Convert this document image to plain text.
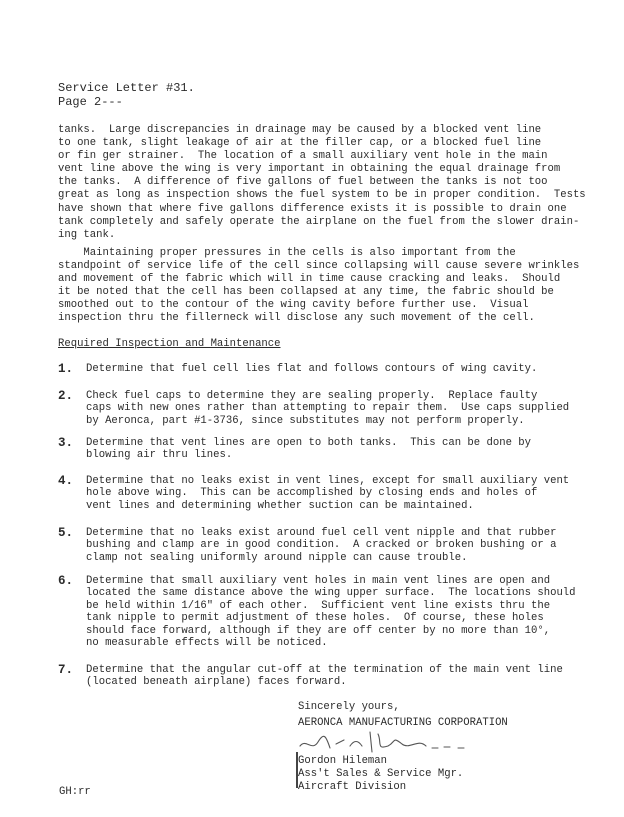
Service Letter #31.
Page 2---

tanks.  Large discrepancies in drainage may be caused by a blocked vent line
to one tank, slight leakage of air at the filler cap, or a blocked fuel line
or fin ger strainer.  The location of a small auxiliary vent hole in the main
vent line above the wing is very important in obtaining the equal drainage from
the tanks.  A difference of five gallons of fuel between the tanks is not too
great as long as inspection shows the fuel system to be in proper condition.  Tests
have shown that where five gallons difference exists it is possible to drain one
tank completely and safely operate the airplane on the fuel from the slower drain-
ing tank.

Maintaining proper pressures in the cells is also important from the
standpoint of service life of the cell since collapsing will cause severe wrinkles
and movement of the fabric which will in time cause cracking and leaks.  Should
it be noted that the cell has been collapsed at any time, the fabric should be
smoothed out to the contour of the wing cavity before further use.  Visual
inspection thru the fillerneck will disclose any such movement of the cell.

Required Inspection and Maintenance
1. Determine that fuel cell lies flat and follows contours of wing cavity.

2. Check fuel caps to determine they are sealing properly.  Replace faulty
caps with new ones rather than attempting to repair them.  Use caps supplied
by Aeronca, part #1-3736, since substitutes may not perform properly.

3. Determine that vent lines are open to both tanks.  This can be done by
blowing air thru lines.

4. Determine that no leaks exist in vent lines, except for small auxiliary vent
hole above wing.  This can be accomplished by closing ends and holes of
vent lines and determining whether suction can be maintained.

5. Determine that no leaks exist around fuel cell vent nipple and that rubber
bushing and clamp are in good condition.  A cracked or broken bushing or a
clamp not sealing uniformly around nipple can cause trouble.

6. Determine that small auxiliary vent holes in main vent lines are open and
located the same distance above the wing upper surface.  The locations should
be held within 1/16" of each other.  Sufficient vent line exists thru the
tank nipple to permit adjustment of these holes.  Of course, these holes
should face forward, although if they are off center by no more than 10°,
no measurable effects will be noticed.

7. Determine that the angular cut-off at the termination of the main vent line
(located beneath airplane) faces forward.

Sincerely yours,
AERONCA MANUFACTURING CORPORATION
Gordon Hileman
Ass't Sales & Service Mgr.
Aircraft Division
GH:rr
